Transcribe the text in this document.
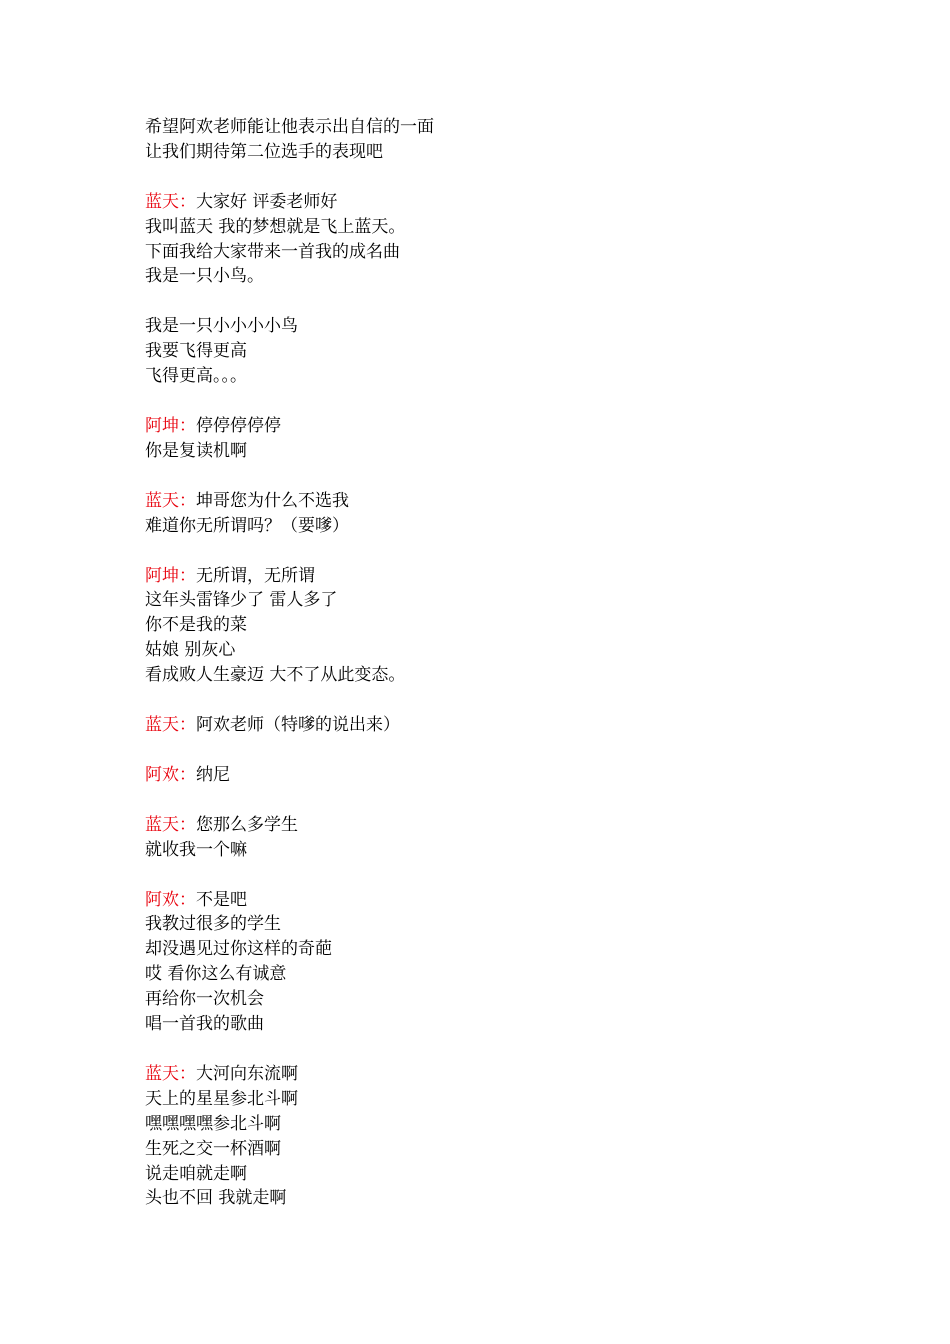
希望阿欢老师能让他表示出自信的一面
让我们期待第二位选手的表现吧
蓝天：大家好 评委老师好
我叫蓝天 我的梦想就是飞上蓝天。
下面我给大家带来一首我的成名曲
我是一只小鸟。
我是一只小小小小鸟
我要飞得更高
飞得更高。。。
阿坤：停停停停停
你是复读机啊
蓝天：坤哥您为什么不选我
难道你无所谓吗？（要嗲）
阿坤：无所谓，无所谓
这年头雷锋少了 雷人多了
你不是我的菜
姑娘 别灰心
看成败人生豪迈 大不了从此变态。
蓝天：阿欢老师（特嗲的说出来）
阿欢：纳尼
蓝天：您那么多学生
就收我一个嘛
阿欢：不是吧
我教过很多的学生
却没遇见过你这样的奇葩
哎 看你这么有诚意
再给你一次机会
唱一首我的歌曲
蓝天：大河向东流啊
天上的星星参北斗啊
嘿嘿嘿嘿参北斗啊
生死之交一杯酒啊
说走咱就走啊
头也不回 我就走啊
